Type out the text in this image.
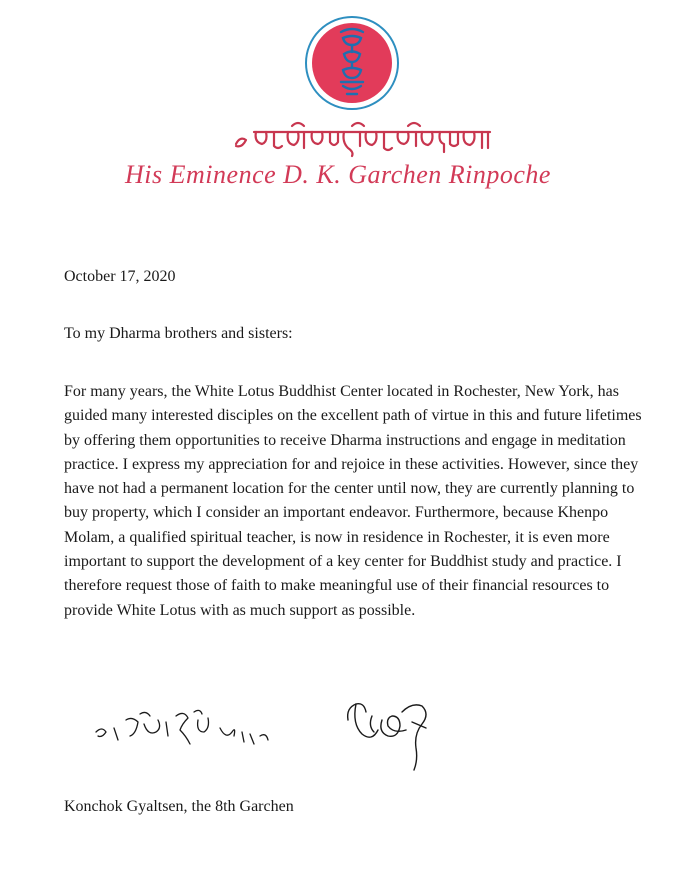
His Eminence D. K. Garchen Rinpoche
October 17, 2020
To my Dharma brothers and sisters:

For many years, the White Lotus Buddhist Center located in Rochester, New York, has guided many interested disciples on the excellent path of virtue in this and future lifetimes by offering them opportunities to receive Dharma instructions and engage in meditation practice. I express my appreciation for and rejoice in these activities. However, since they have not had a permanent location for the center until now, they are currently planning to buy property, which I consider an important endeavor. Furthermore, because Khenpo Molam, a qualified spiritual teacher, is now in residence in Rochester, it is even more important to support the development of a key center for Buddhist study and practice. I therefore request those of faith to make meaningful use of their financial resources to provide White Lotus with as much support as possible.

Konchok Gyaltsen, the 8th Garchen
